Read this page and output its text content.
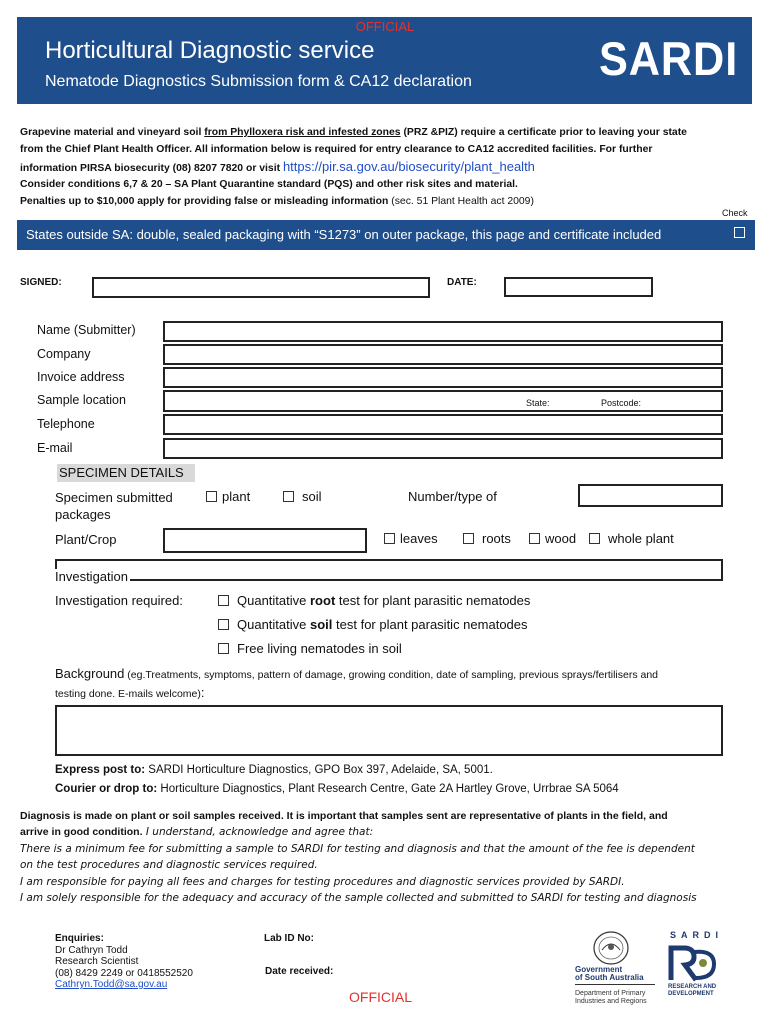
OFFICIAL
Horticultural Diagnostic service
Nematode Diagnostics Submission form & CA12 declaration	SARDI
Grapevine material and vineyard soil from Phylloxera risk and infested zones (PRZ &PIZ) require a certificate prior to leaving your state
from the Chief Plant Health Officer. All information below is required for entry clearance to CA12 accredited facilities. For further
information PIRSA biosecurity (08) 8207 7820 or visit https://pir.sa.gov.au/biosecurity/plant_health
Consider conditions 6,7 & 20 – SA Plant Quarantine standard (PQS) and other risk sites and material.
Penalties up to $10,000 apply for providing false or misleading information (sec. 51 Plant Health act 2009)
Check
States outside SA: double, sealed packaging with “S1273” on outer package, this page and certificate included
SIGNED:	DATE:
Name (Submitter)
Company
Invoice address
Sample location	State:	Postcode:
Telephone
E-mail
SPECIMEN DETAILS
Specimen submitted
packages
plant	soil	Number/type of
Plant/Crop	leaves	roots	wood whole plant
Investigation
Investigation required:	Quantitative root test for plant parasitic nematodes
Quantitative soil test for plant parasitic nematodes
Free living nematodes in soil
Background (eg.Treatments, symptoms, pattern of damage, growing condition, date of sampling, previous sprays/fertilisers and
testing done. E-mails welcome):
Express post to: SARDI Horticulture Diagnostics, GPO Box 397, Adelaide, SA, 5001.
Courier or drop to: Horticulture Diagnostics, Plant Research Centre, Gate 2A Hartley Grove, Urrbrae SA 5064
Diagnosis is made on plant or soil samples received. It is important that samples sent are representative of plants in the field, and
arrive in good condition. I understand, acknowledge and agree that:
There is a minimum fee for submitting a sample to SARDI for testing and diagnosis and that the amount of the fee is dependent
on the test procedures and diagnostic services required.
I am responsible for paying all fees and charges for testing procedures and diagnostic services provided by SARDI.
I am solely responsible for the adequacy and accuracy of the sample collected and submitted to SARDI for testing and diagnosis
Enquiries:
Dr Cathryn Todd
Research Scientist
(08) 8429 2249 or 0418552520
Cathryn.Todd@sa.gov.au
Lab ID No:
Date received:	Government
of South Australia
Department of Primary
Industries and Regions
SARDI
RESEARCH AND
DEVELOPMENT
OFFICIAL
